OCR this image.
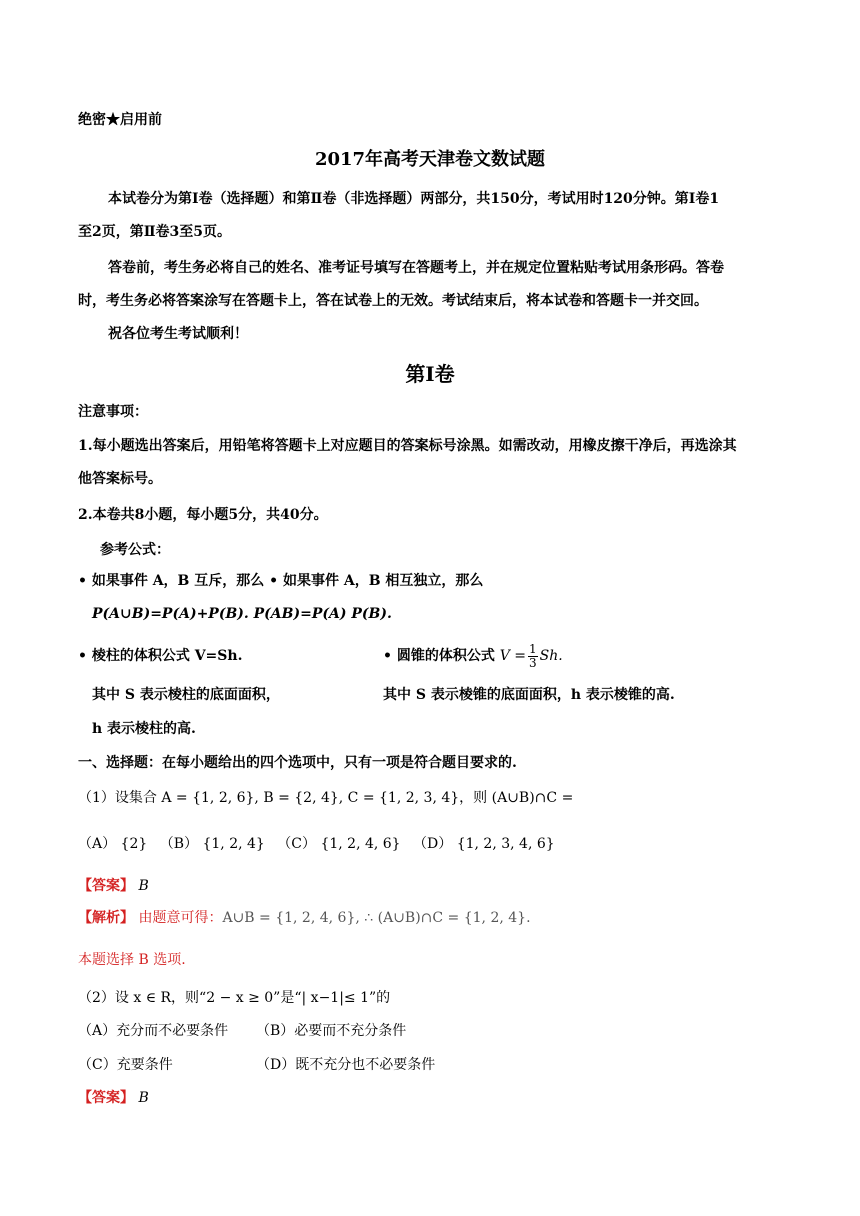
绝密★启用前
2017年高考天津卷文数试题
本试卷分为第Ⅰ卷（选择题）和第Ⅱ卷（非选择题）两部分，共150分，考试用时120分钟。第Ⅰ卷1
至2页，第Ⅱ卷3至5页。
答卷前，考生务必将自己的姓名、准考证号填写在答题考上，并在规定位置粘贴考试用条形码。答卷
时，考生务必将答案涂写在答题卡上，答在试卷上的无效。考试结束后，将本试卷和答题卡一并交回。
祝各位考生考试顺利！
第Ⅰ卷
注意事项：
1.每小题选出答案后，用铅笔将答题卡上对应题目的答案标号涂黑。如需改动，用橡皮擦干净后，再选涂其
他答案标号。
2.本卷共8小题，每小题5分，共40分。
参考公式：
• 如果事件 A，B 互斥，那么 • 如果事件 A，B 相互独立，那么
P(A∪B)=P(A)+P(B). P(AB)=P(A) P(B).
• 棱柱的体积公式 V=Sh.	• 圆锥的体积公式 $V = \frac{1}{3} Sh$.
其中 S 表示棱柱的底面面积，	其中 S 表示棱锥的底面面积，h 表示棱锥的高.
h 表示棱柱的高.
一、选择题：在每小题给出的四个选项中，只有一项是符合题目要求的.
（1）设集合 A = {1, 2, 6}, B = {2, 4}, C = {1, 2, 3, 4}，则 (A∪B)∩C =
（A） {2} （B） {1, 2, 4} （C） {1, 2, 4, 6} （D） {1, 2, 3, 4, 6}
【答案】 B
【解析】 由题意可得：A∪B = {1, 2, 4, 6}, ∴ (A∪B)∩C = {1, 2, 4}.
本题选择 B 选项.
（2）设 x ∈ R，则“2 − x ≥ 0”是“| x−1|≤ 1”的
（A）充分而不必要条件 （B）必要而不充分条件
（C）充要条件	（D）既不充分也不必要条件
【答案】 B
